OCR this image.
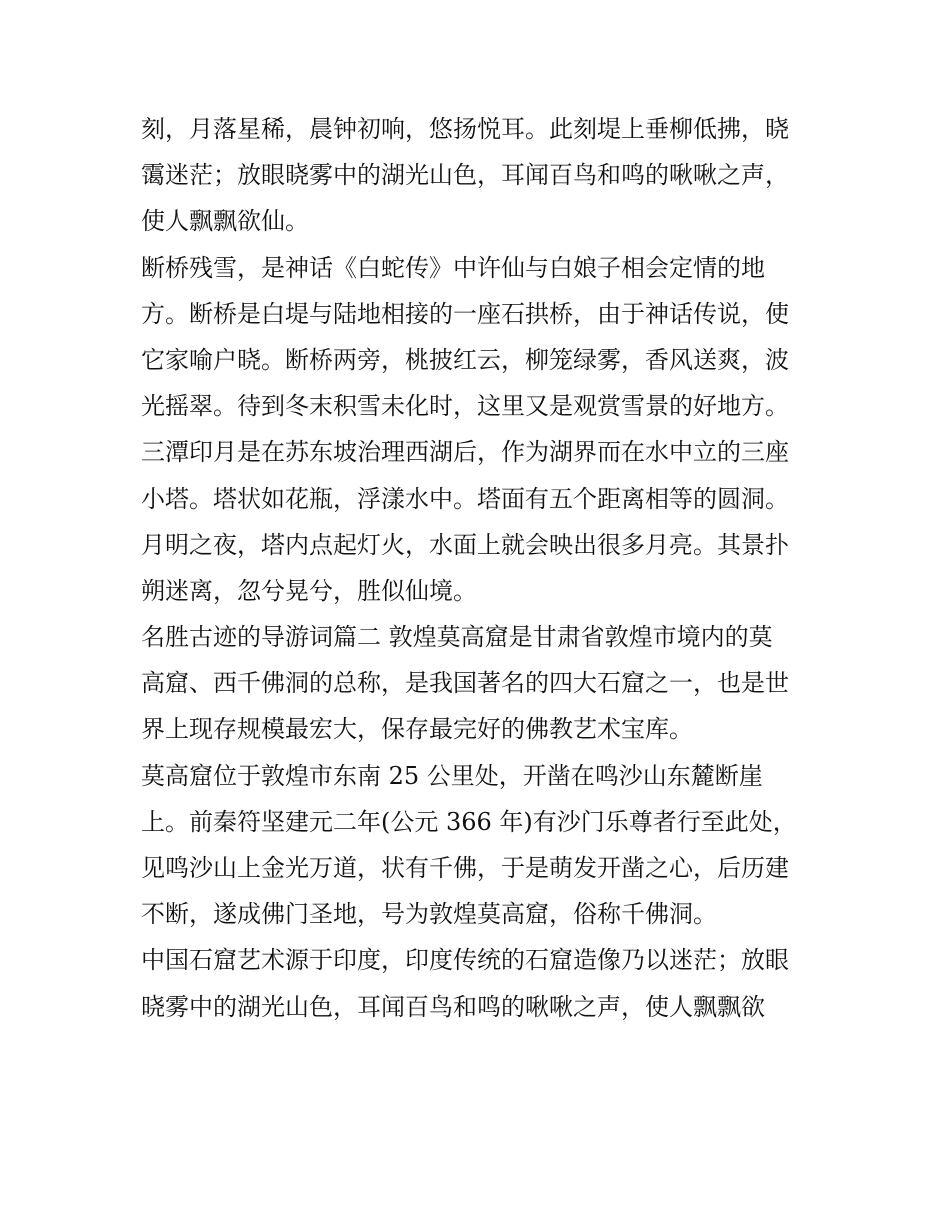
刻，月落星稀，晨钟初响，悠扬悦耳。此刻堤上垂柳低拂，晓
霭迷茫；放眼晓雾中的湖光山色，耳闻百鸟和鸣的啾啾之声，
使人飘飘欲仙。
断桥残雪，是神话《白蛇传》中许仙与白娘子相会定情的地
方。断桥是白堤与陆地相接的一座石拱桥，由于神话传说，使
它家喻户晓。断桥两旁，桃披红云，柳笼绿雾，香风送爽，波
光摇翠。待到冬末积雪未化时，这里又是观赏雪景的好地方。
三潭印月是在苏东坡治理西湖后，作为湖界而在水中立的三座
小塔。塔状如花瓶，浮漾水中。塔面有五个距离相等的圆洞。
月明之夜，塔内点起灯火，水面上就会映出很多月亮。其景扑
朔迷离，忽兮晃兮，胜似仙境。
名胜古迹的导游词篇二 敦煌莫高窟是甘肃省敦煌市境内的莫
高窟、西千佛洞的总称，是我国著名的四大石窟之一，也是世
界上现存规模最宏大，保存最完好的佛教艺术宝库。
莫高窟位于敦煌市东南 25 公里处，开凿在鸣沙山东麓断崖
上。前秦符坚建元二年(公元 366 年)有沙门乐尊者行至此处，
见鸣沙山上金光万道，状有千佛，于是萌发开凿之心，后历建
不断，遂成佛门圣地，号为敦煌莫高窟，俗称千佛洞。
中国石窟艺术源于印度，印度传统的石窟造像乃以迷茫；放眼
晓雾中的湖光山色，耳闻百鸟和鸣的啾啾之声，使人飘飘欲
